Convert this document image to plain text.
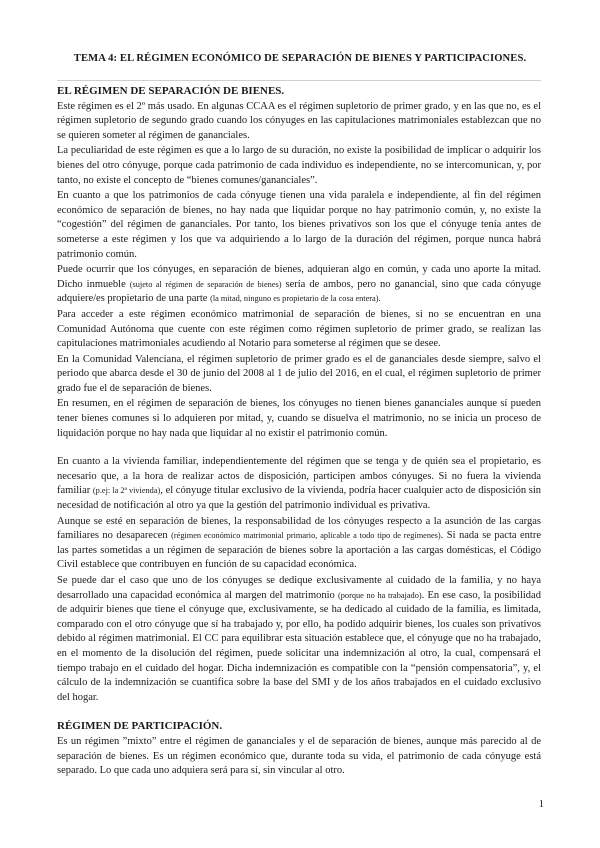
TEMA 4: EL RÉGIMEN ECONÓMICO DE SEPARACIÓN DE BIENES Y PARTICIPACIONES.
EL RÉGIMEN DE SEPARACIÓN DE BIENES.

Este régimen es el 2º más usado. En algunas CCAA es el régimen supletorio de primer grado, y en las que no, es el régimen supletorio de segundo grado cuando los cónyuges en las capitulaciones matrimoniales establezcan que no se quieren someter al régimen de gananciales.

La peculiaridad de este régimen es que a lo largo de su duración, no existe la posibilidad de implicar o adquirir los bienes del otro cónyuge, porque cada patrimonio de cada individuo es independiente, no se intercomunican, y, por tanto, no existe el concepto de “bienes comunes/gananciales”.

En cuanto a que los patrimonios de cada cónyuge tienen una vida paralela e independiente, al fin del régimen económico de separación de bienes, no hay nada que liquidar porque no hay patrimonio común, y, no existe la “cogestión” del régimen de gananciales. Por tanto, los bienes privativos son los que el cónyuge tenía antes de someterse a este régimen y los que va adquiriendo a lo largo de la duración del régimen, porque nunca habrá patrimonio común.

Puede ocurrir que los cónyuges, en separación de bienes, adquieran algo en común, y cada uno aporte la mitad. Dicho inmueble (sujeto al régimen de separación de bienes) sería de ambos, pero no ganancial, sino que cada cónyuge adquiere/es propietario de una parte (la mitad, ninguno es propietario de la cosa entera).

Para acceder a este régimen económico matrimonial de separación de bienes, si no se encuentran en una Comunidad Autónoma que cuente con este régimen como régimen supletorio de primer grado, se realizan las capitulaciones matrimoniales acudiendo al Notario para someterse al régimen que se desee.

En la Comunidad Valenciana, el régimen supletorio de primer grado es el de gananciales desde siempre, salvo el periodo que abarca desde el 30 de junio del 2008 al 1 de julio del 2016, en el cual, el régimen supletorio de primer grado fue el de separación de bienes.

En resumen, en el régimen de separación de bienes, los cónyuges no tienen bienes gananciales aunque sí pueden tener bienes comunes si lo adquieren por mitad, y, cuando se disuelva el matrimonio, no se inicia un proceso de liquidación porque no hay nada que liquidar al no existir el patrimonio común.

En cuanto a la vivienda familiar, independientemente del régimen que se tenga y de quién sea el propietario, es necesario que, a la hora de realizar actos de disposición, participen ambos cónyuges. Si no fuera la vivienda familiar (p.ej: la 2ª vivienda), el cónyuge titular exclusivo de la vivienda, podría hacer cualquier acto de disposición sin necesidad de notificación al otro ya que la gestión del patrimonio individual es privativa.

Aunque se esté en separación de bienes, la responsabilidad de los cónyuges respecto a la asunción de las cargas familiares no desaparecen (régimen económico matrimonial primario, aplicable a todo tipo de regímenes). Si nada se pacta entre las partes sometidas a un régimen de separación de bienes sobre la aportación a las cargas domésticas, el Código Civil establece que contribuyen en función de su capacidad económica.

Se puede dar el caso que uno de los cónyuges se dedique exclusivamente al cuidado de la familia, y no haya desarrollado una capacidad económica al margen del matrimonio (porque no ha trabajado). En ese caso, la posibilidad de adquirir bienes que tiene el cónyuge que, exclusivamente, se ha dedicado al cuidado de la familia, es limitada, comparado con el otro cónyuge que sí ha trabajado y, por ello, ha podido adquirir bienes, los cuales son privativos debido al régimen matrimonial. El CC para equilibrar esta situación establece que, el cónyuge que no ha trabajado, en el momento de la disolución del régimen, puede solicitar una indemnización al otro, la cual, compensará el tiempo trabajo en el cuidado del hogar. Dicha indemnización es compatible con la “pensión compensatoria”, y, el cálculo de la indemnización se cuantifica sobre la base del SMI y de los años trabajados en el cuidado exclusivo del hogar.

RÉGIMEN DE PARTICIPACIÓN.

Es un régimen ”mixto” entre el régimen de gananciales y el de separación de bienes, aunque más parecido al de separación de bienes. Es un régimen económico que, durante toda su vida, el patrimonio de cada cónyuge está separado. Lo que cada uno adquiera será para sí, sin vincular al otro.

1
